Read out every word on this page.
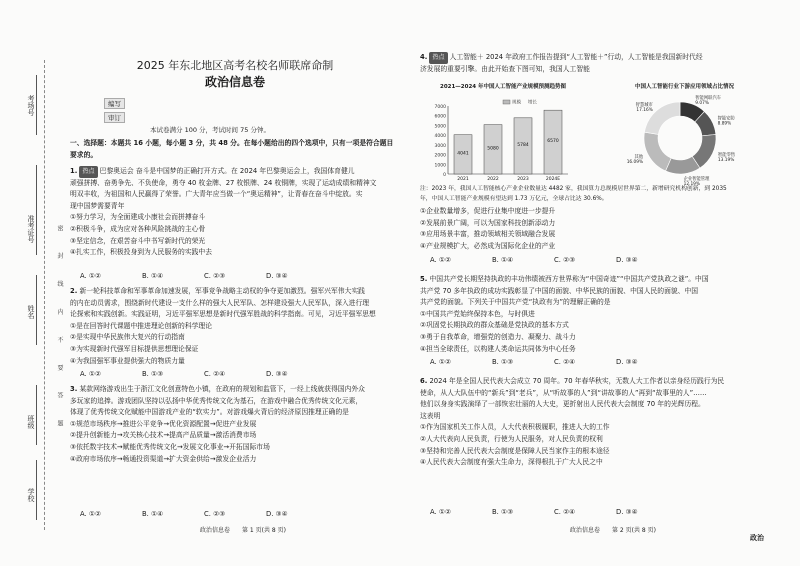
考场号
准考证号
姓名
班级
学校
密 封 线 内 不 要 答 题
2025 年东北地区高考名校名师联席命制
政治信息卷
编写
审订
本试卷满分 100 分，考试时间 75 分钟。
一、选择题：本题共 16 小题，每小题 3 分，共 48 分。在每小题给出的四个选项中，只有一项是符合题目要求的。
1. 热点 巴黎奥运会 奋斗是中国梦的正确打开方式。在 2024 年巴黎奥运会上，我国体育健儿
顽强拼搏、奋勇争先、不负使命，勇夺 40 枚金牌、27 枚银牌、24 枚铜牌，实现了运动成绩和精神文
明双丰收，为祖国和人民赢得了荣誉。广大青年应当做一个“奥运精神”，让青春在奋斗中绽放。实
现中国梦需要青年
①努力学习，为全面建成小康社会而拼搏奋斗
②积极斗争，成为应对各种风险挑战的主心骨
③坚定信念，在艰苦奋斗中书写新时代的荣光
④扎实工作，积极投身到为人民服务的实践中去
A. ①②	B. ①④	C. ②③	D. ③④
2. 新一轮科技革命和军事革命加速发展，军事竞争战略主动权的争夺更加激烈。强军兴军伟大实践
的内在动员需求，围绕新时代建设一支什么样的强大人民军队、怎样建设强大人民军队，深入进行理
论探索和实践创新。实践证明，习近平强军思想是新时代强军胜战的科学指南。可见，习近平强军思想
①是在回答时代课题中推进理论创新的科学理论
②是实现中华民族伟大复兴的行动指南
③为实现新时代强军目标提供思想理论保证
④为我国强军事业提供强大的物质力量
A. ①②	B. ①③	C. ②④	D. ③④
3. 某款网络游戏出生于浙江文化创意特色小镇，在政府的规划和监管下，一经上线就获得国内外众
多玩家的追捧。游戏团队坚持以弘扬中华优秀传统文化为基石，在游戏中融合优秀传统文化元素，
体现了优秀传统文化赋能中国游戏产业的“软实力”。对游戏爆火背后的经济原因推理正确的是
①规范市场秩序→推进公平竞争→优化资源配置→促进产业发展
②提升创新能力→攻关核心技术→提高产品质量→激活消费市场
③依托数字技术→赋能优秀传统文化→发展文化事业→开拓国际市场
④政府市场依序→畅通投资渠道→扩大资金供给→激发企业活力
A. ①②	B. ①④	C. ②③	D. ③④
政治信息卷　　第 1 页(共 8 页)
4. 热点 人工智能＋ 2024 年政府工作报告提到“人工智能＋”行动，人工智能是我国新时代经
济发展的重要引擎。由此开始查下图可知，我国人工智能
2021—2024 年中国人工智能产业规模预测趋势图	中国人工智能行业下游应用领域占比情况
0
1000
2000
3000
4000
5000
6000
7000
规模 增长
4041
2021
5080
2022
5784
2023
6570
2024E
智能网联汽车
9.07%
智能安防
8.89%
智能零售
13.19%
企业智能管理
12.19%
其他
16.09%
智慧城市
17.16%
注：2023 年，我国人工智能核心产业企业数量达 4482 家，我国算力总规模居世界第二，新增研究机构创新，到 2035
年，中国人工智能产业规模有望达到 1.73 万亿元，全球占比达 30.6%。
①企业数量增多，促进行业集中度进一步提升
②发展前景广阔，可以为国家科技创新添动力
③应用场景丰富，推动领域相关领域融合发展
④产业规模扩大，必然成为国际化企业的产业
A. ①②	B. ①④	C. ②③	D. ③④
5. 中国共产党长期坚持执政的丰功伟绩被西方世界称为“中国奇迹”“中国共产党执政之谜”。中国
共产党 70 多年执政的成功实践彰显了中国的面貌、中华民族的面貌、中国人民的面貌、中国
共产党的面貌。下列关于中国共产党“执政有为”的理解正确的是
①中国共产党始终保持本色，与时俱进
②巩固党长期执政的群众基础是党执政的基本方式
③勇于自我革命，增强党的创造力、凝聚力、战斗力
④担当全球责任，以构建人类命运共同体为中心任务
A. ①②	B. ①③	C. ②④	D. ③④
6. 2024 年是全国人民代表大会成立 70 周年。70 年春华秋实，无数人大工作者以亲身经历践行为民
使命，从人大队伍中的“新兵”到“老兵”，从“听故事的人”到“讲故事的人”再到“故事里的人”……
他们以身身实践演绎了一部恢宏壮丽的人大史，更折射出人民代表大会制度 70 年的光辉历程。
这表明
①作为国家机关工作人员，人大代表积极履职，推进人大的工作
②人大代表向人民负责，行使为人民服务，对人民负责的权利
③坚持和完善人民代表大会制度是保障人民当家作主的根本途径
④人民代表大会制度有强大生命力，深得根扎于广大人民之中
A. ①②	B. ①③	C. ②④	D. ③④
政治信息卷　　第 2 页(共 8 页)
政治
